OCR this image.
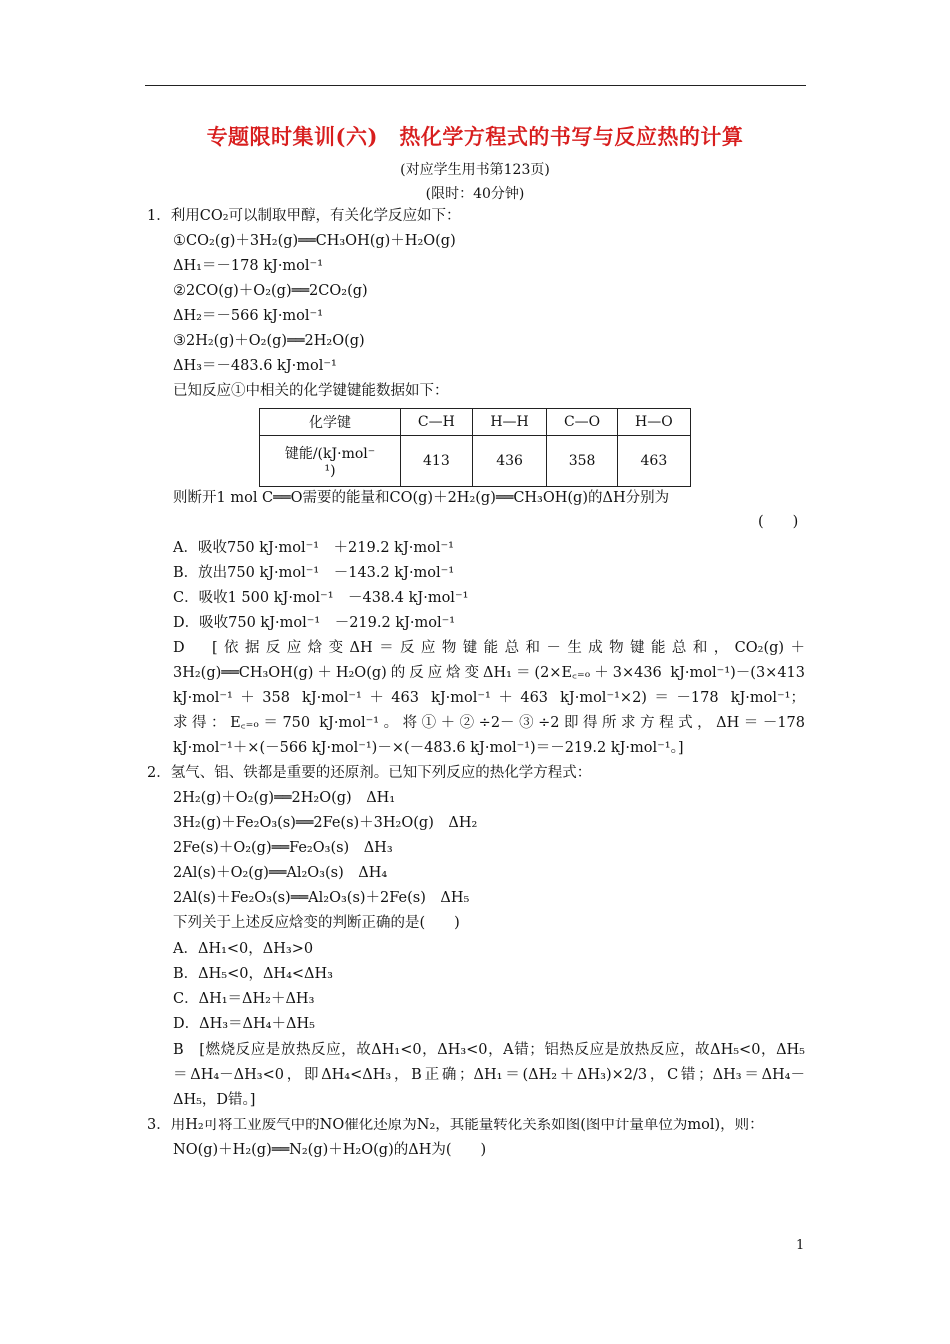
专题限时集训(六)　热化学方程式的书写与反应热的计算
(对应学生用书第123页)
(限时：40分钟)
1．利用CO₂可以制取甲醇，有关化学反应如下：
①CO₂(g)＋3H₂(g)══CH₃OH(g)＋H₂O(g)
ΔH₁＝－178 kJ·mol⁻¹
②2CO(g)＋O₂(g)══2CO₂(g)
ΔH₂＝－566 kJ·mol⁻¹
③2H₂(g)＋O₂(g)══2H₂O(g)
ΔH₃＝－483.6 kJ·mol⁻¹
已知反应①中相关的化学键键能数据如下：
化学键	C—H	H—H	C—O	H—O

键能/(kJ·mol⁻
¹)	413	436	358	463
则断开1 mol C══O需要的能量和CO(g)＋2H₂(g)══CH₃OH(g)的ΔH分别为
(　　)
A．吸收750 kJ·mol⁻¹　＋219.2 kJ·mol⁻¹
B．放出750 kJ·mol⁻¹　－143.2 kJ·mol⁻¹
C．吸收1 500 kJ·mol⁻¹　－438.4 kJ·mol⁻¹
D．吸收750 kJ·mol⁻¹　－219.2 kJ·mol⁻¹
D　[依据反应焓变ΔH＝反应物键能总和－生成物键能总和，CO₂(g)＋
3H₂(g)══CH₃OH(g)＋H₂O(g)的反应焓变ΔH₁＝(2×E꜀₌ₒ＋3×436 kJ·mol⁻¹)－(3×413
kJ·mol⁻¹＋358 kJ·mol⁻¹＋463 kJ·mol⁻¹＋463 kJ·mol⁻¹×2)＝－178 kJ·mol⁻¹；
求得：E꜀₌ₒ＝750 kJ·mol⁻¹。将①＋②÷2－③÷2即得所求方程式，ΔH＝－178
kJ·mol⁻¹＋×(－566 kJ·mol⁻¹)－×(－483.6 kJ·mol⁻¹)＝－219.2 kJ·mol⁻¹。]
2．氢气、铝、铁都是重要的还原剂。已知下列反应的热化学方程式：
2H₂(g)＋O₂(g)══2H₂O(g)　ΔH₁
3H₂(g)＋Fe₂O₃(s)══2Fe(s)＋3H₂O(g)　ΔH₂
2Fe(s)＋O₂(g)══Fe₂O₃(s)　ΔH₃
2Al(s)＋O₂(g)══Al₂O₃(s)　ΔH₄
2Al(s)＋Fe₂O₃(s)══Al₂O₃(s)＋2Fe(s)　ΔH₅
下列关于上述反应焓变的判断正确的是(　　)
A．ΔH₁<0，ΔH₃>0
B．ΔH₅<0，ΔH₄<ΔH₃
C．ΔH₁＝ΔH₂＋ΔH₃
D．ΔH₃＝ΔH₄＋ΔH₅
B　[燃烧反应是放热反应，故ΔH₁<0，ΔH₃<0，A错；铝热反应是放热反应，故ΔH₅<0，ΔH₅
＝ΔH₄－ΔH₃<0，即ΔH₄<ΔH₃，B正确；ΔH₁＝(ΔH₂＋ΔH₃)×2/3，C错；ΔH₃＝ΔH₄－
ΔH₅，D错。]
3．用H₂可将工业废气中的NO催化还原为N₂，其能量转化关系如图(图中计量单位为mol)，则：
NO(g)＋H₂(g)══N₂(g)＋H₂O(g)的ΔH为(　　)
1
